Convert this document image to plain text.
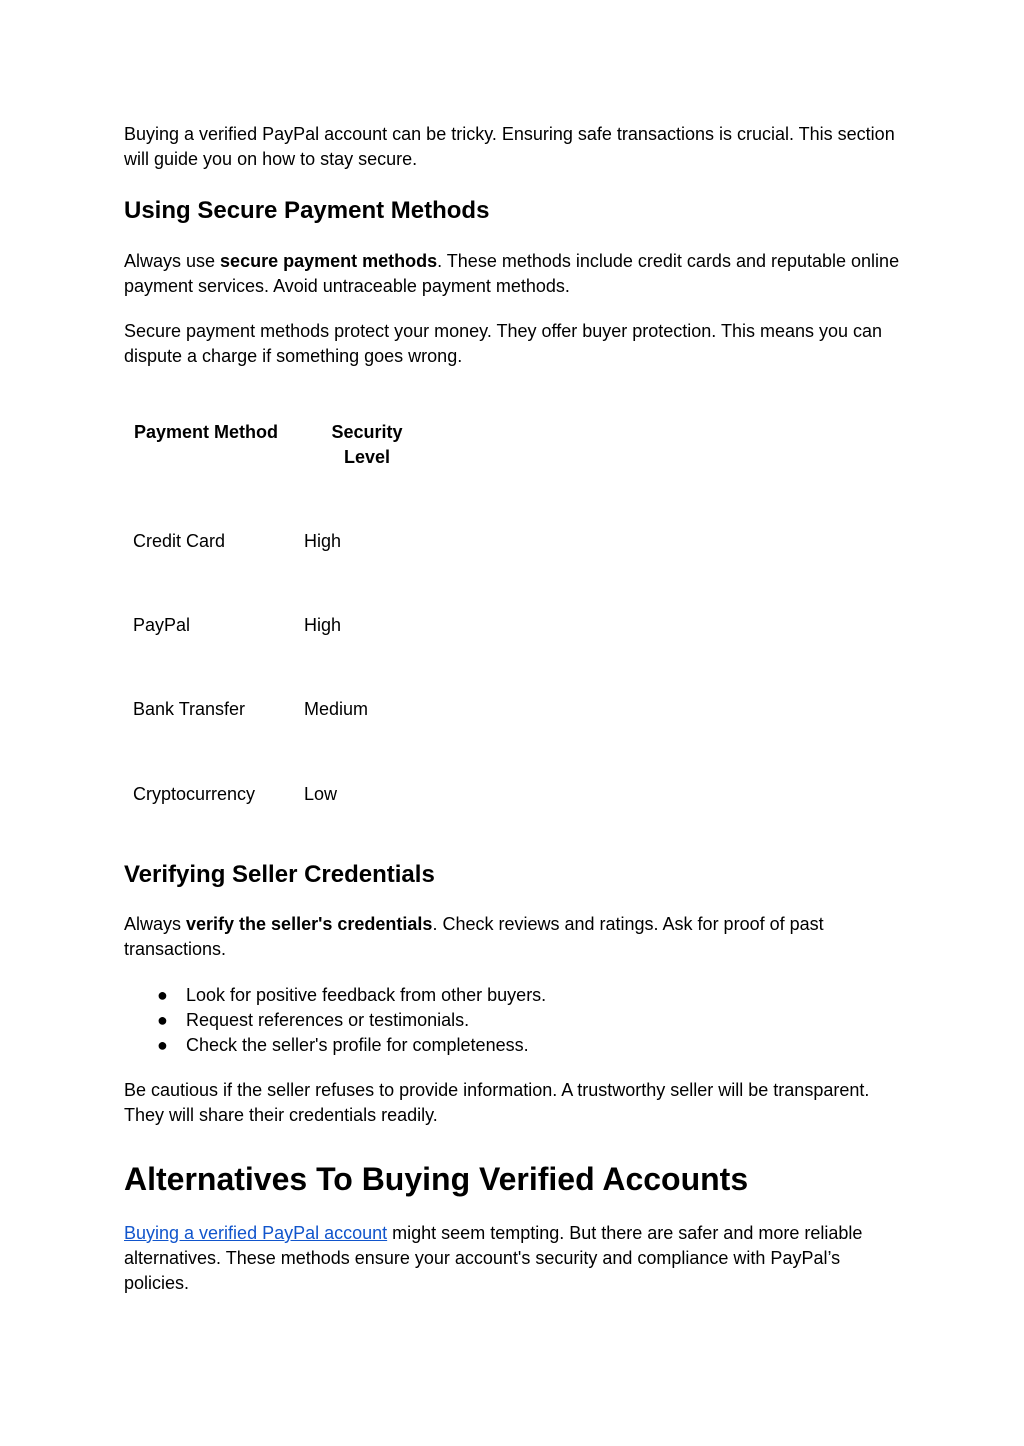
Buying a verified PayPal account can be tricky. Ensuring safe transactions is crucial. This section will guide you on how to stay secure.

Using Secure Payment Methods

Always use secure payment methods. These methods include credit cards and reputable online payment services. Avoid untraceable payment methods.

Secure payment methods protect your money. They offer buyer protection. This means you can dispute a charge if something goes wrong.

Payment Method	Security Level
Credit Card	High
PayPal	High
Bank Transfer	Medium
Cryptocurrency	Low
Verifying Seller Credentials

Always verify the seller's credentials. Check reviews and ratings. Ask for proof of past transactions.

● Look for positive feedback from other buyers.
● Request references or testimonials.
● Check the seller's profile for completeness.

Be cautious if the seller refuses to provide information. A trustworthy seller will be transparent. They will share their credentials readily.

Alternatives To Buying Verified Accounts

Buying a verified PayPal account might seem tempting. But there are safer and more reliable alternatives. These methods ensure your account's security and compliance with PayPal’s policies.
